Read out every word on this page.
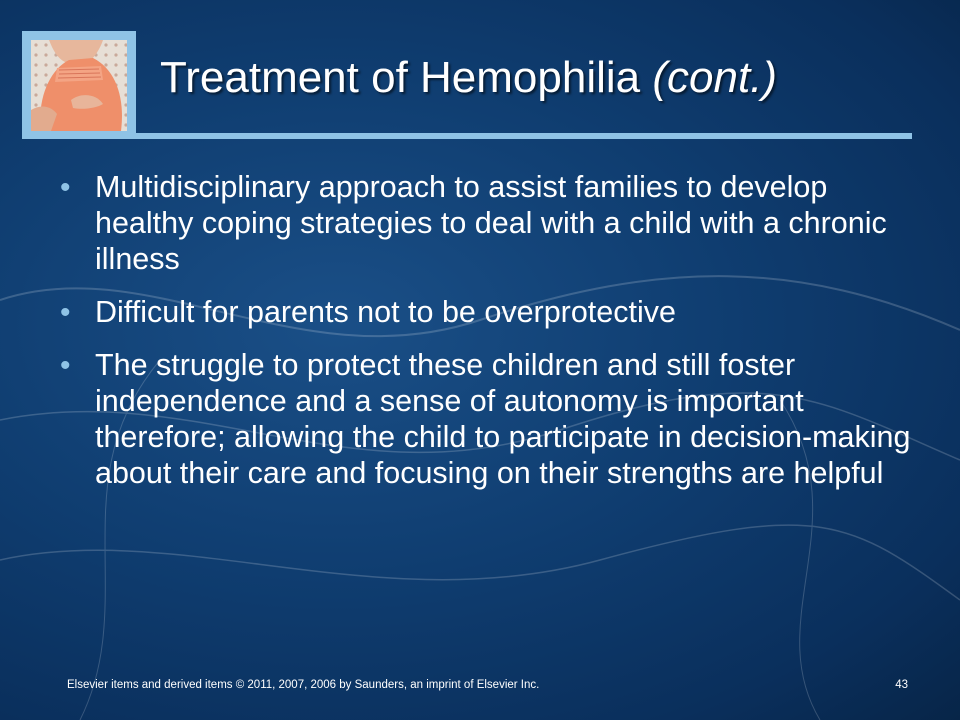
Treatment of Hemophilia (cont.)
• Multidisciplinary approach to assist families to develop healthy coping strategies to deal with a child with a chronic illness
• Difficult for parents not to be overprotective
• The struggle to protect these children and still foster independence and a sense of autonomy is important therefore; allowing the child to participate in decision-making about their care and focusing on their strengths are helpful
Elsevier items and derived items © 2011, 2007, 2006 by Saunders, an imprint of Elsevier Inc.	43
